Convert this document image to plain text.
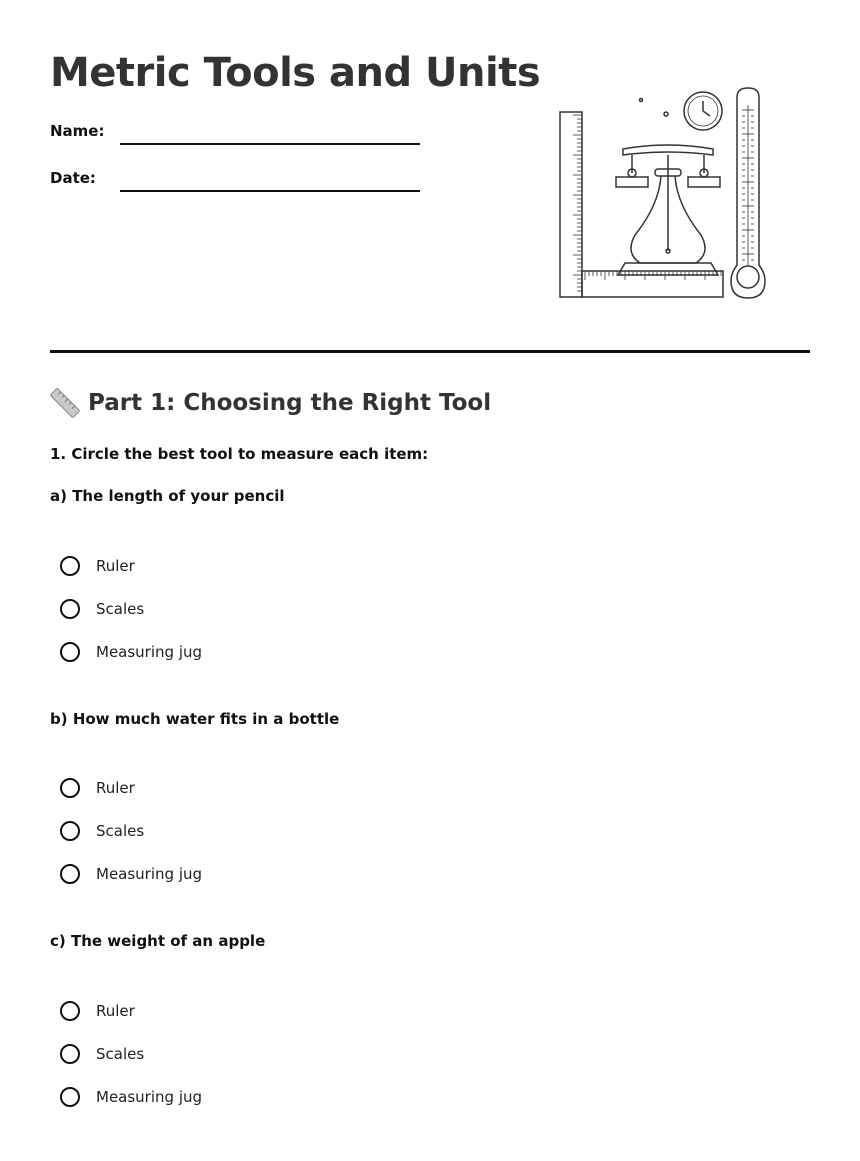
Metric Tools and Units
Name:
Date:
Part 1: Choosing the Right Tool
1. Circle the best tool to measure each item:
a) The length of your pencil
Ruler
Scales
Measuring jug
b) How much water fits in a bottle
Ruler
Scales
Measuring jug
c) The weight of an apple
Ruler
Scales
Measuring jug
